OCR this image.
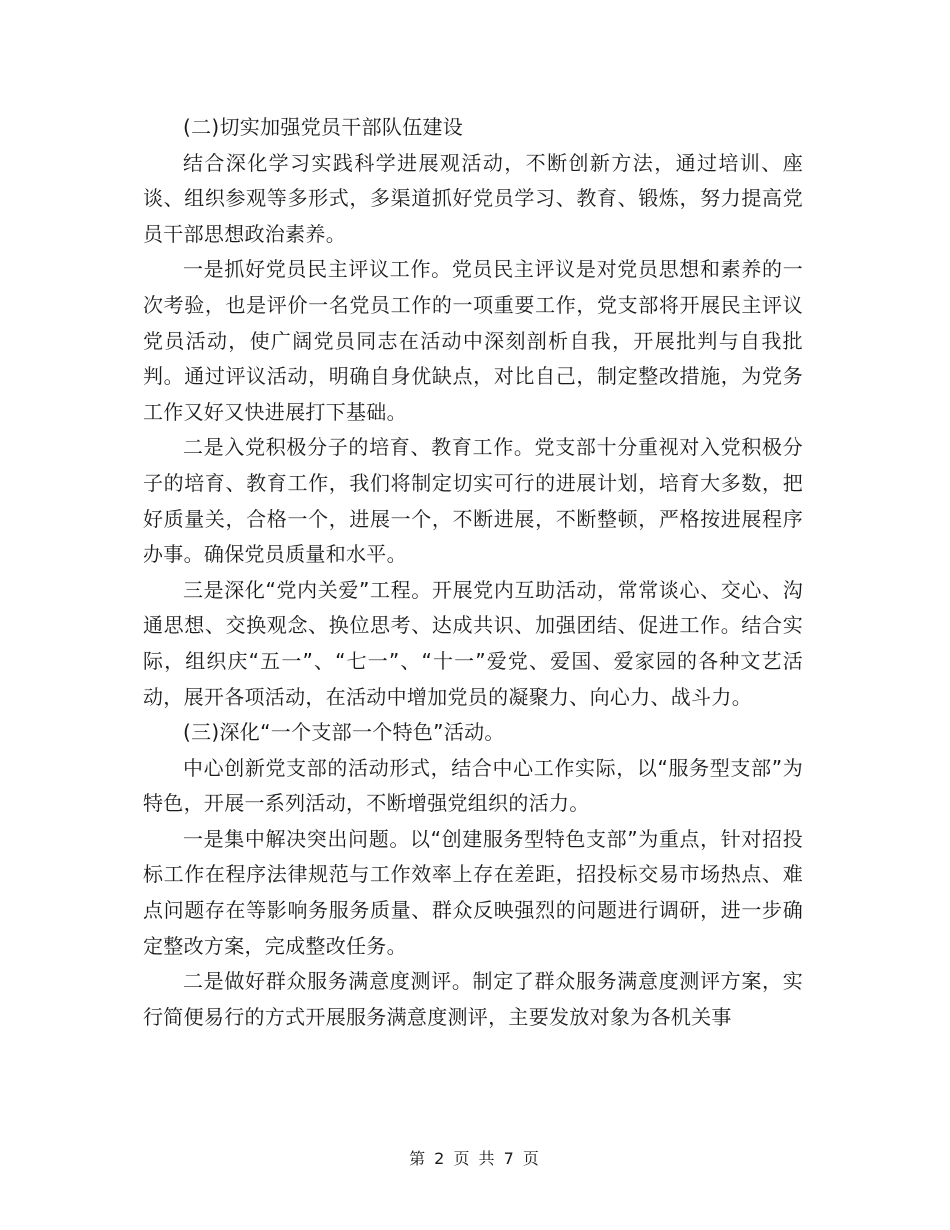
(二)切实加强党员干部队伍建设

结合深化学习实践科学进展观活动，不断创新方法，通过培训、座谈、组织参观等多形式，多渠道抓好党员学习、教育、锻炼，努力提高党员干部思想政治素养。

一是抓好党员民主评议工作。党员民主评议是对党员思想和素养的一次考验，也是评价一名党员工作的一项重要工作，党支部将开展民主评议党员活动，使广阔党员同志在活动中深刻剖析自我，开展批判与自我批判。通过评议活动，明确自身优缺点，对比自己，制定整改措施，为党务工作又好又快进展打下基础。

二是入党积极分子的培育、教育工作。党支部十分重视对入党积极分子的培育、教育工作，我们将制定切实可行的进展计划，培育大多数，把好质量关，合格一个，进展一个，不断进展，不断整顿，严格按进展程序办事。确保党员质量和水平。

三是深化“党内关爱”工程。开展党内互助活动，常常谈心、交心、沟通思想、交换观念、换位思考、达成共识、加强团结、促进工作。结合实际，组织庆“五一”、“七一”、“十一”爱党、爱国、爱家园的各种文艺活动，展开各项活动，在活动中增加党员的凝聚力、向心力、战斗力。

(三)深化“一个支部一个特色”活动。

中心创新党支部的活动形式，结合中心工作实际，以“服务型支部”为特色，开展一系列活动，不断增强党组织的活力。

一是集中解决突出问题。以“创建服务型特色支部”为重点，针对招投标工作在程序法律规范与工作效率上存在差距，招投标交易市场热点、难点问题存在等影响务服务质量、群众反映强烈的问题进行调研，进一步确定整改方案，完成整改任务。

二是做好群众服务满意度测评。制定了群众服务满意度测评方案，实行简便易行的方式开展服务满意度测评，主要发放对象为各机关事

第 2 页 共 7 页
